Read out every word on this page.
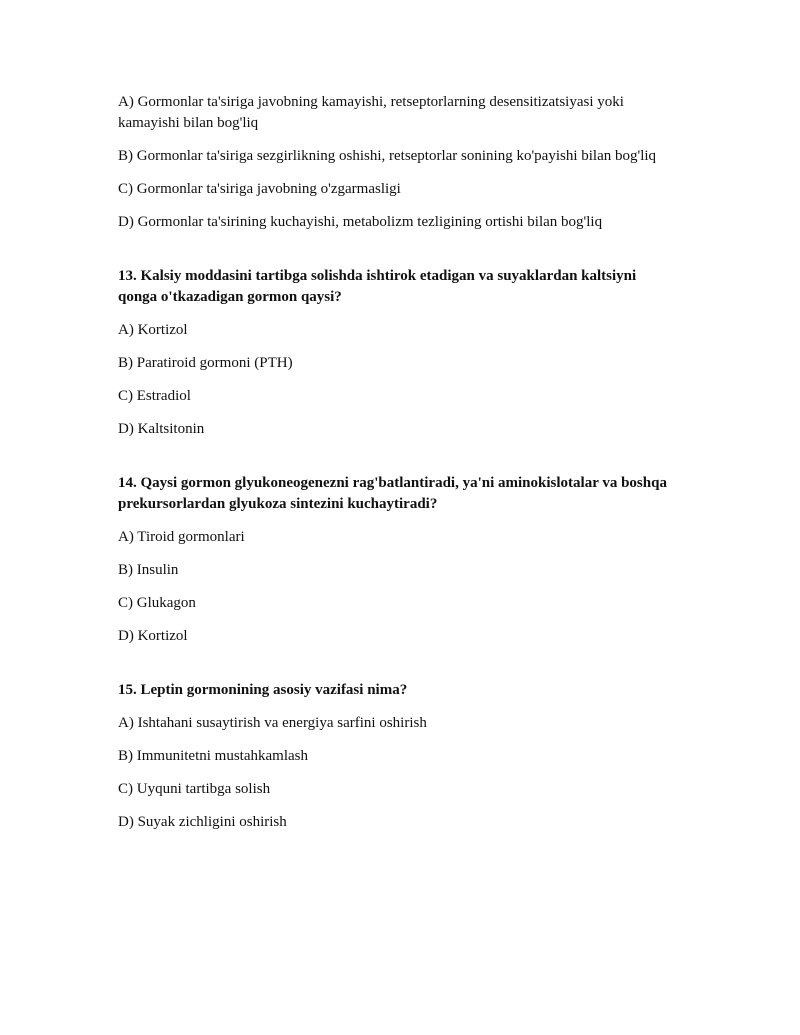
A) Gormonlar ta'siriga javobning kamayishi, retseptorlarning desensitizatsiyasi yoki kamayishi bilan bog'liq

B) Gormonlar ta'siriga sezgirlikning oshishi, retseptorlar sonining ko'payishi bilan bog'liq

C) Gormonlar ta'siriga javobning o'zgarmasligi

D) Gormonlar ta'sirining kuchayishi, metabolizm tezligining ortishi bilan bog'liq

13. Kalsiy moddasini tartibga solishda ishtirok etadigan va suyaklardan kaltsiyni qonga o'tkazadigan gormon qaysi?

A) Kortizol

B) Paratiroid gormoni (PTH)

C) Estradiol

D) Kaltsitonin

14. Qaysi gormon glyukoneogenezni rag'batlantiradi, ya'ni aminokislotalar va boshqa prekursorlardan glyukoza sintezini kuchaytiradi?

A) Tiroid gormonlari

B) Insulin

C) Glukagon

D) Kortizol

15. Leptin gormonining asosiy vazifasi nima?

A) Ishtahani susaytirish va energiya sarfini oshirish

B) Immunitetni mustahkamlash

C) Uyquni tartibga solish

D) Suyak zichligini oshirish
